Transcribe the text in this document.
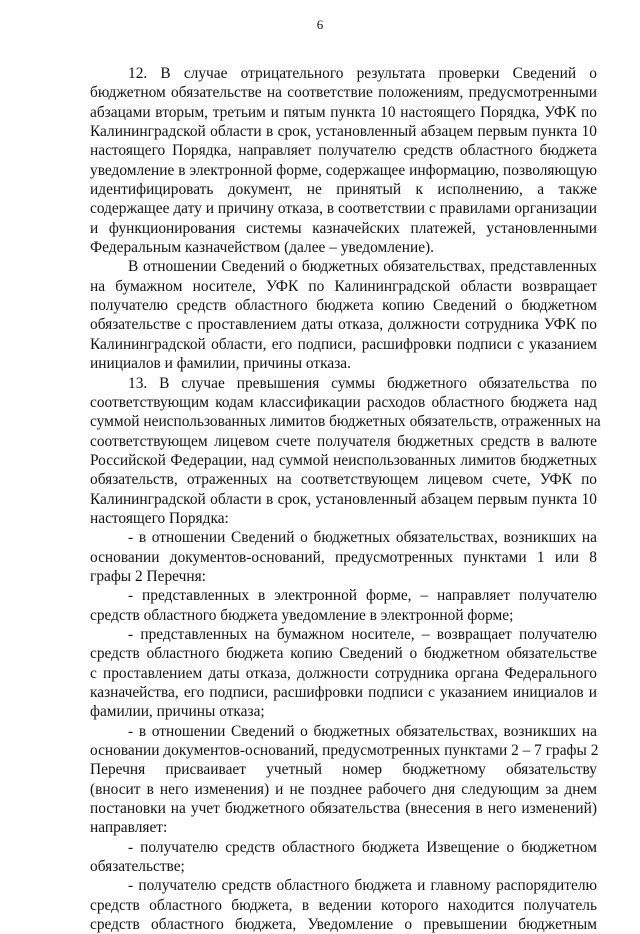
6
12. В случае отрицательного результата проверки Сведений о
бюджетном обязательстве на соответствие положениям, предусмотренными
абзацами вторым, третьим и пятым пункта 10 настоящего Порядка, УФК по
Калининградской области в срок, установленный абзацем первым пункта 10
настоящего Порядка, направляет получателю средств областного бюджета
уведомление в электронной форме, содержащее информацию, позволяющую
идентифицировать документ, не принятый к исполнению, а также
содержащее дату и причину отказа, в соответствии с правилами организации
и функционирования системы казначейских платежей, установленными
Федеральным казначейством (далее – уведомление).
В отношении Сведений о бюджетных обязательствах, представленных
на бумажном носителе, УФК по Калининградской области возвращает
получателю средств областного бюджета копию Сведений о бюджетном
обязательстве с проставлением даты отказа, должности сотрудника УФК по
Калининградской области, его подписи, расшифровки подписи с указанием
инициалов и фамилии, причины отказа.
13. В случае превышения суммы бюджетного обязательства по
соответствующим кодам классификации расходов областного бюджета над
суммой неиспользованных лимитов бюджетных обязательств, отраженных на
соответствующем лицевом счете получателя бюджетных средств в валюте
Российской Федерации, над суммой неиспользованных лимитов бюджетных
обязательств, отраженных на соответствующем лицевом счете, УФК по
Калининградской области в срок, установленный абзацем первым пункта 10
настоящего Порядка:
- в отношении Сведений о бюджетных обязательствах, возникших на
основании документов-оснований, предусмотренных пунктами 1 или 8
графы 2 Перечня:
- представленных в электронной форме, – направляет получателю
средств областного бюджета уведомление в электронной форме;
- представленных на бумажном носителе, – возвращает получателю
средств областного бюджета копию Сведений о бюджетном обязательстве
с проставлением даты отказа, должности сотрудника органа Федерального
казначейства, его подписи, расшифровки подписи с указанием инициалов и
фамилии, причины отказа;
- в отношении Сведений о бюджетных обязательствах, возникших на
основании документов-оснований, предусмотренных пунктами 2 – 7 графы 2
Перечня присваивает учетный номер бюджетному обязательству
(вносит в него изменения) и не позднее рабочего дня следующим за днем
постановки на учет бюджетного обязательства (внесения в него изменений)
направляет:
- получателю средств областного бюджета Извещение о бюджетном
обязательстве;
- получателю средств областного бюджета и главному распорядителю
средств областного бюджета, в ведении которого находится получатель
средств областного бюджета, Уведомление о превышении бюджетным
